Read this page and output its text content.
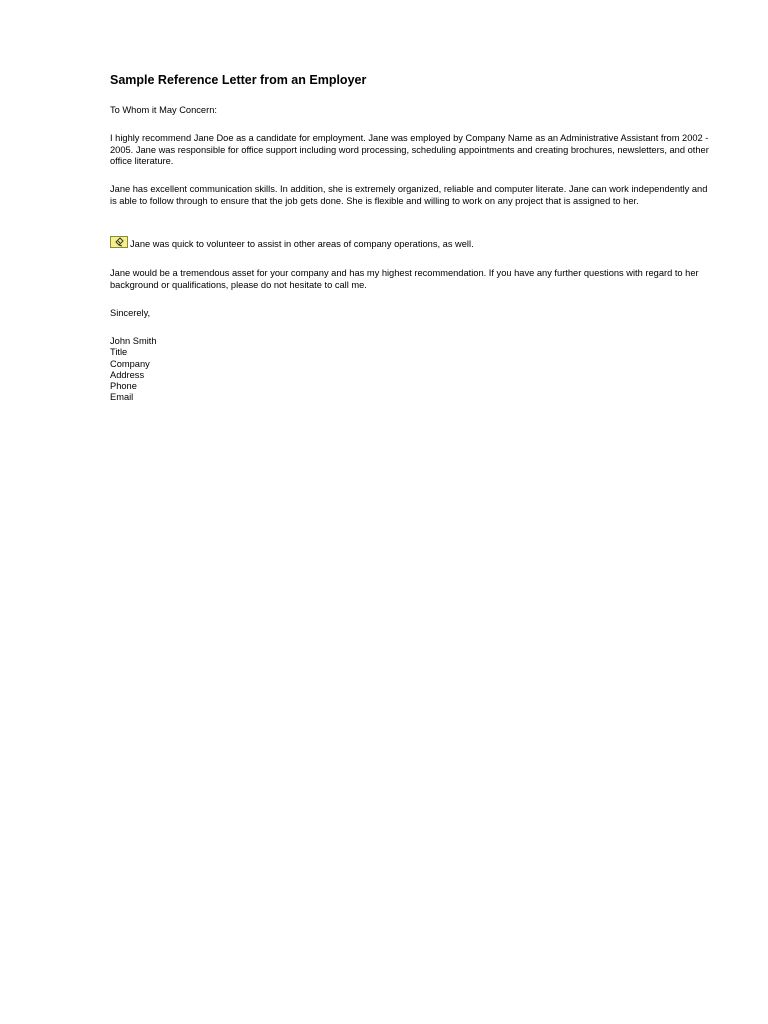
Sample Reference Letter from an Employer
To Whom it May Concern:
I highly recommend Jane Doe as a candidate for employment. Jane was employed by Company Name as an Administrative Assistant from 2002 - 2005. Jane was responsible for office support including word processing, scheduling appointments and creating brochures, newsletters, and other office literature.
Jane has excellent communication skills. In addition, she is extremely organized, reliable and computer literate. Jane can work independently and is able to follow through to ensure that the job gets done. She is flexible and willing to work on any project that is assigned to her.
Jane was quick to volunteer to assist in other areas of company operations, as well.
Jane would be a tremendous asset for your company and has my highest recommendation. If you have any further questions with regard to her background or qualifications, please do not hesitate to call me.
Sincerely,
John Smith
Title
Company
Address
Phone
Email
